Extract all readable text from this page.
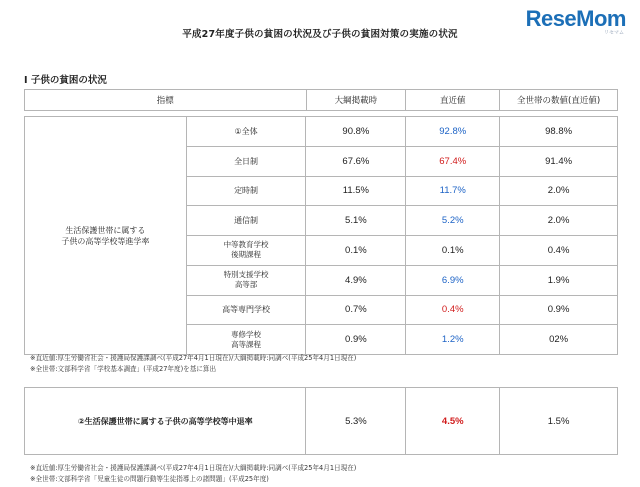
平成27年度子供の貧困の状況及び子供の貧困対策の実施の状況
ReseMom
リセマム
Ⅰ 子供の貧困の状況
指標	大綱掲載時	直近値	全世帯の数値(直近値)
生活保護世帯に属する
子供の高等学校等進学率	①全体	90.8%	92.8%	98.8%

	全日制	67.6%	67.4%	91.4%

	定時制	11.5%	11.7%	2.0%

	通信制	5.1%	5.2%	2.0%

	中等教育学校
後期課程	0.1%	0.1%	0.4%

	特別支援学校
高等部	4.9%	6.9%	1.9%

	高等専門学校	0.7%	0.4%	0.9%

	専修学校
高等課程	0.9%	1.2%	02%
※直近値:厚生労働省社会・援護局保護課調べ(平成27年4月1日現在)/大綱掲載時:同調べ(平成25年4月1日現在)
※全世帯:文部科学省「学校基本調査」(平成27年度)を基に算出
②生活保護世帯に属する子供の高等学校等中退率	5.3%	4.5%	1.5%
※直近値:厚生労働省社会・援護局保護課調べ(平成27年4月1日現在)/大綱掲載時:同調べ(平成25年4月1日現在)
※全世帯:文部科学省「児童生徒の問題行動等生徒指導上の諸問題」(平成25年度)
